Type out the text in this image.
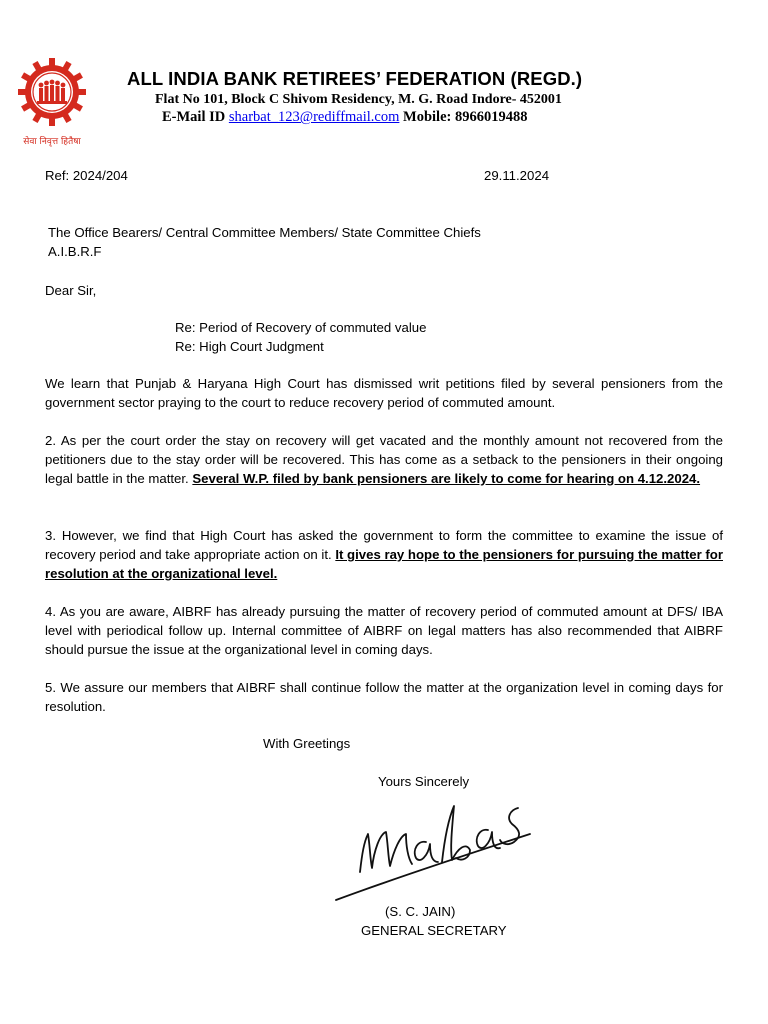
सेवा निवृत्त हितैषा
ALL INDIA BANK RETIREES’ FEDERATION (REGD.)
Flat No 101, Block C Shivom Residency, M. G. Road Indore- 452001
E-Mail ID sharbat_123@rediffmail.com Mobile: 8966019488
Ref: 2024/204	29.11.2024
The Office Bearers/ Central Committee Members/ State Committee Chiefs
A.I.B.R.F
Dear Sir,
Re: Period of Recovery of commuted value
Re: High Court Judgment
We learn that Punjab & Haryana High Court has dismissed writ petitions filed by several pensioners from the government sector praying to the court to reduce recovery period of commuted amount.
2. As per the court order the stay on recovery will get vacated and the monthly amount not recovered from the petitioners due to the stay order will be recovered. This has come as a setback to the pensioners in their ongoing legal battle in the matter. Several W.P. filed by bank pensioners are likely to come for hearing on 4.12.2024.
3. However, we find that High Court has asked the government to form the committee to examine the issue of recovery period and take appropriate action on it. It gives ray hope to the pensioners for pursuing the matter for resolution at the organizational level.
4. As you are aware, AIBRF has already pursuing the matter of recovery period of commuted amount at DFS/ IBA level with periodical follow up. Internal committee of AIBRF on legal matters has also recommended that AIBRF should pursue the issue at the organizational level in coming days.
5. We assure our members that AIBRF shall continue follow the matter at the organization level in coming days for resolution.
With Greetings
Yours Sincerely
(S. C. JAIN)
GENERAL SECRETARY
